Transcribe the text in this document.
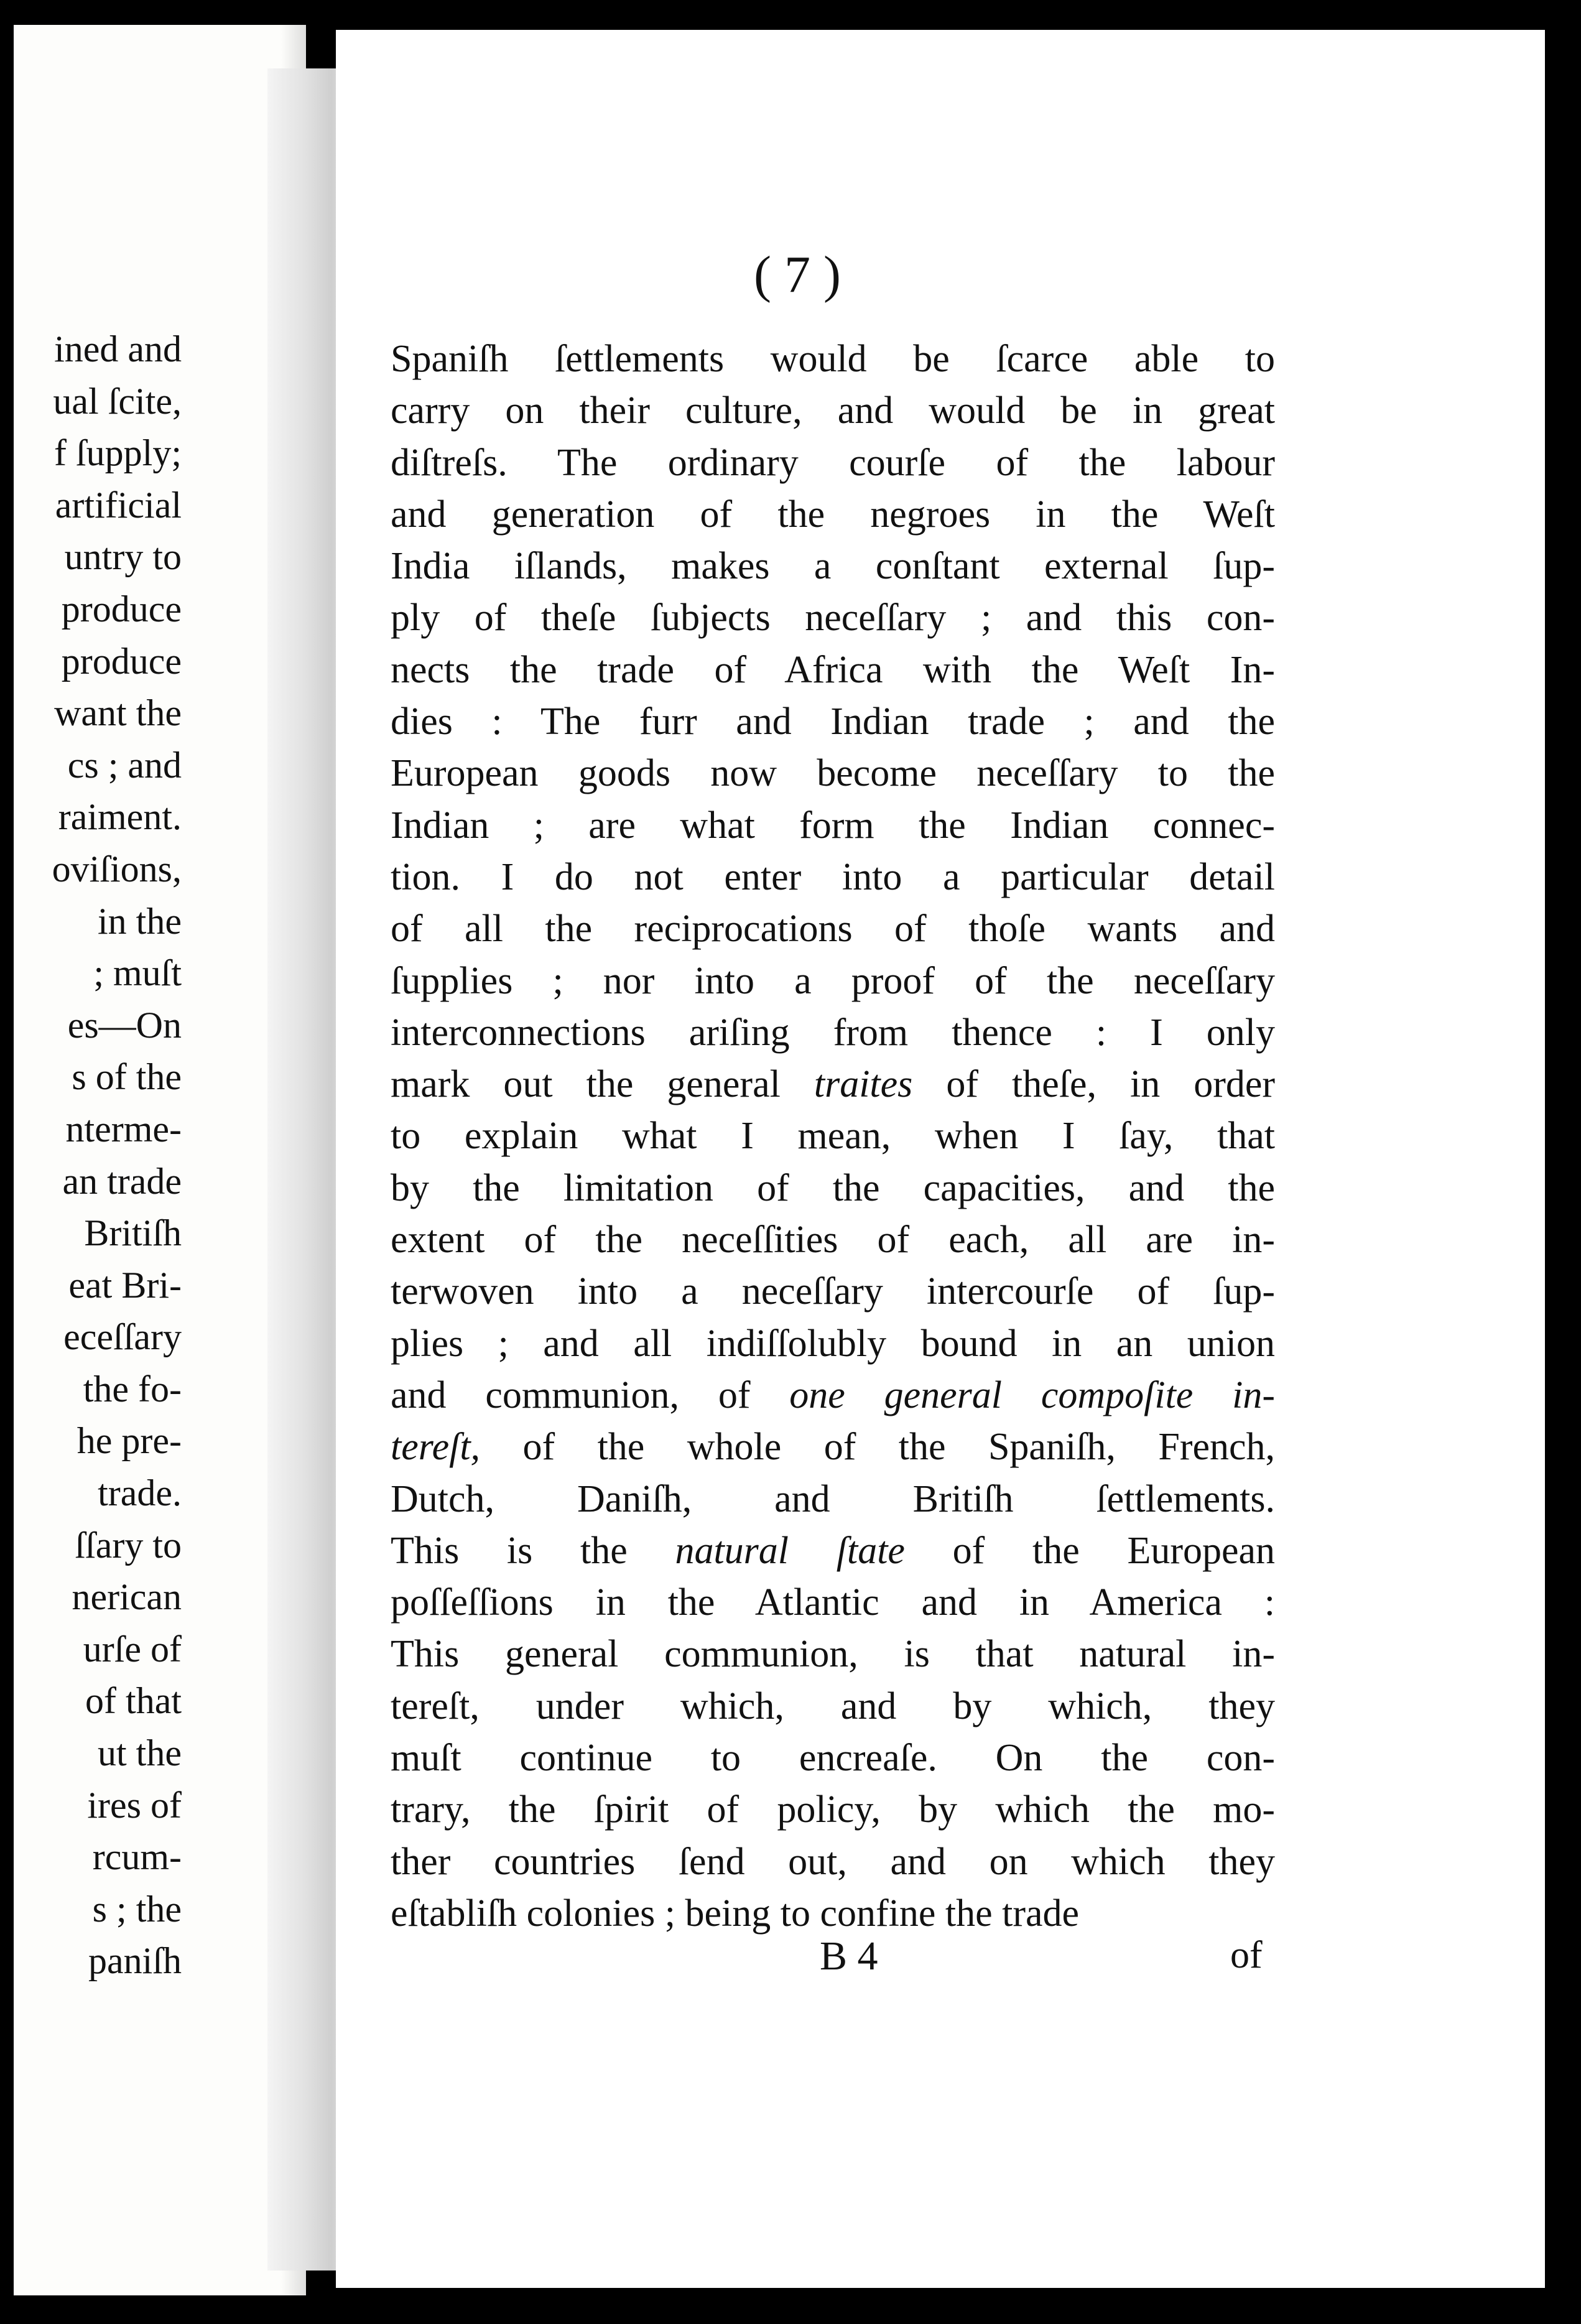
ined and
ual ſcite,
f ſupply;
artificial
untry to
produce
produce
want the
cs ; and
raiment.
oviſions,
in the
; muſt
es—On
s of the
nterme-
an trade
Britiſh
eat Bri-
eceſſary
the fo-
he pre-
trade.
ſſary to
nerican
urſe of
of that
ut the
ires of
rcum-
s ; the
paniſh
( 7 )
Spaniſh ſettlements would be ſcarce able to
carry on their culture, and would be in great
diſtreſs. The ordinary courſe of the labour
and generation of the negroes in the Weſt
India iſlands, makes a conſtant external ſup-
ply of theſe ſubjects neceſſary ; and this con-
nects the trade of Africa with the Weſt In-
dies : The furr and Indian trade ; and the
European goods now become neceſſary to the
Indian ; are what form the Indian connec-
tion. I do not enter into a particular detail
of all the reciprocations of thoſe wants and
ſupplies ; nor into a proof of the neceſſary
interconnections ariſing from thence : I only
mark out the general traites of theſe, in order
to explain what I mean, when I ſay, that
by the limitation of the capacities, and the
extent of the neceſſities of each, all are in-
terwoven into a neceſſary intercourſe of ſup-
plies ; and all indiſſolubly bound in an union
and communion, of one general compoſite in-
tereſt, of the whole of the Spaniſh, French,
Dutch, Daniſh, and Britiſh ſettlements.
This is the natural ſtate of the European
poſſeſſions in the Atlantic and in America :
This general communion, is that natural in-
tereſt, under which, and by which, they
muſt continue to encreaſe. On the con-
trary, the ſpirit of policy, by which the mo-
ther countries ſend out, and on which they
eſtabliſh colonies ; being to confine the trade
B 4	of
